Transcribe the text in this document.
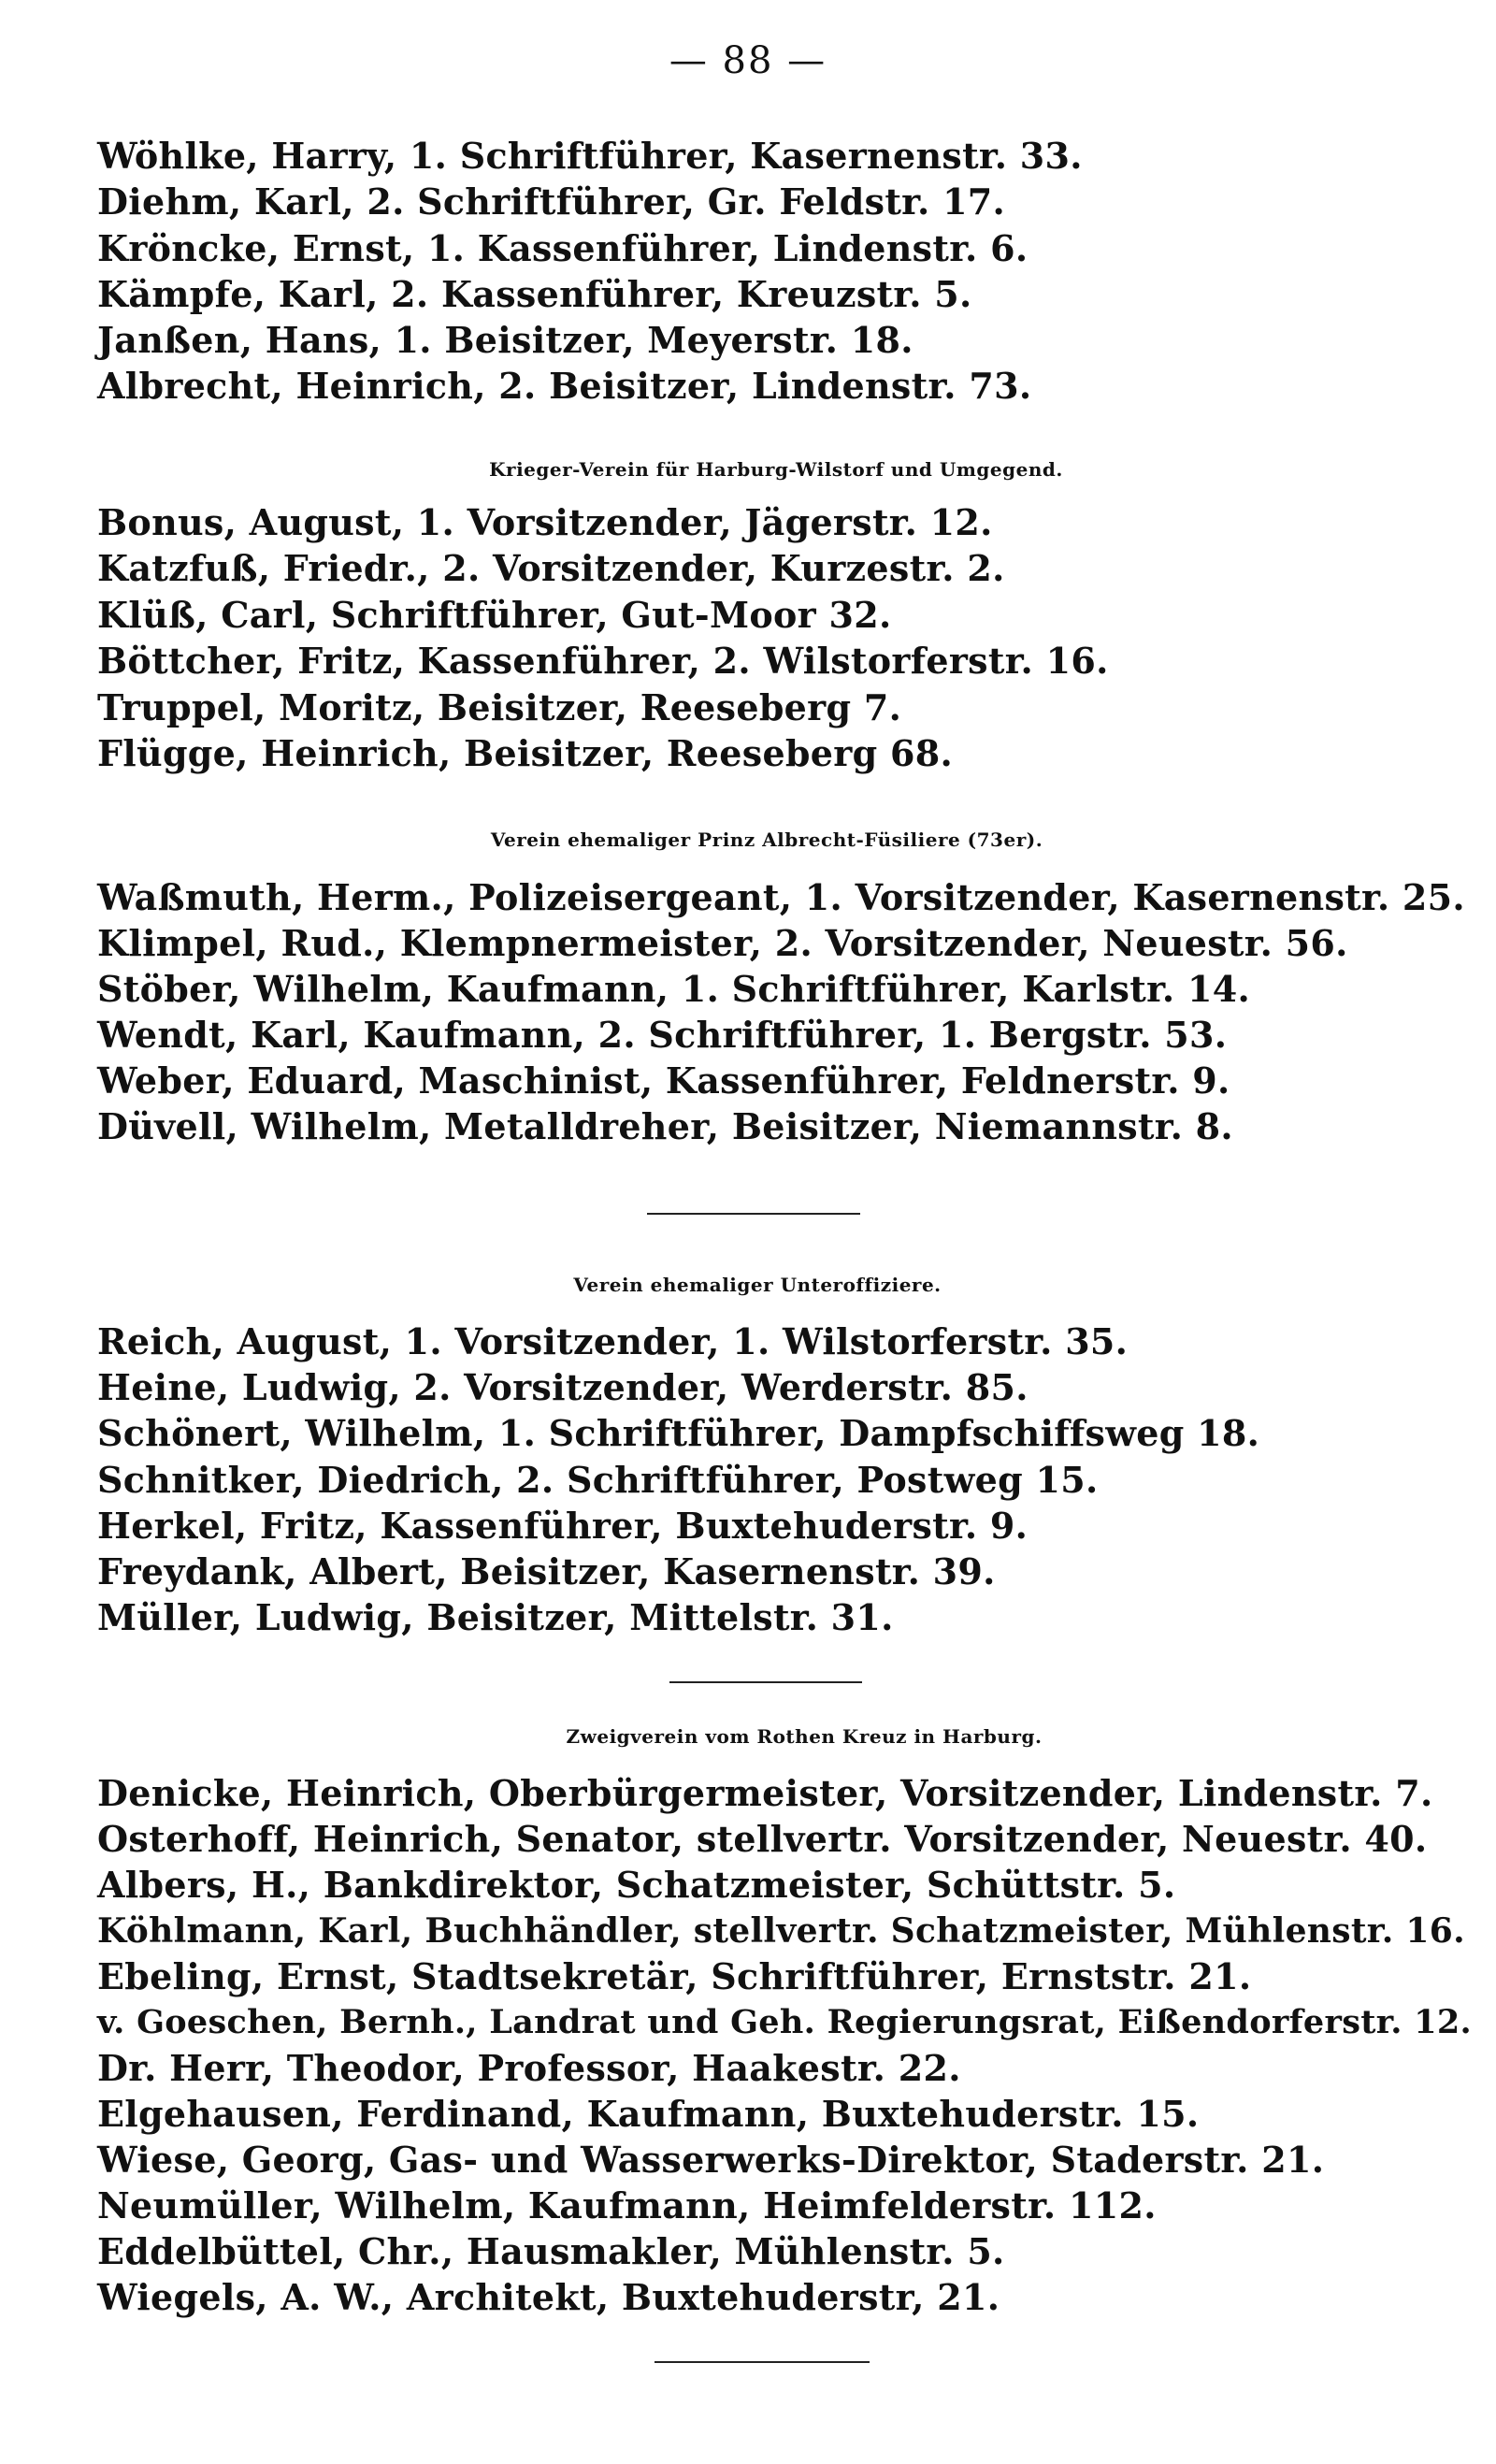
— 88 —
Wöhlke, Harry, 1. Schriftführer, Kasernenstr. 33.
Diehm, Karl, 2. Schriftführer, Gr. Feldstr. 17.
Kröncke, Ernst, 1. Kassenführer, Lindenstr. 6.
Kämpfe, Karl, 2. Kassenführer, Kreuzstr. 5.
Janßen, Hans, 1. Beisitzer, Meyerstr. 18.
Albrecht, Heinrich, 2. Beisitzer, Lindenstr. 73.
Krieger-Verein für Harburg-Wilstorf und Umgegend.
Bonus, August, 1. Vorsitzender, Jägerstr. 12.
Katzfuß, Friedr., 2. Vorsitzender, Kurzestr. 2.
Klüß, Carl, Schriftführer, Gut-Moor 32.
Böttcher, Fritz, Kassenführer, 2. Wilstorferstr. 16.
Truppel, Moritz, Beisitzer, Reeseberg 7.
Flügge, Heinrich, Beisitzer, Reeseberg 68.
Verein ehemaliger Prinz Albrecht-Füsiliere (73er).
Waßmuth, Herm., Polizeisergeant, 1. Vorsitzender, Kasernenstr. 25.
Klimpel, Rud., Klempnermeister, 2. Vorsitzender, Neuestr. 56.
Stöber, Wilhelm, Kaufmann, 1. Schriftführer, Karlstr. 14.
Wendt, Karl, Kaufmann, 2. Schriftführer, 1. Bergstr. 53.
Weber, Eduard, Maschinist, Kassenführer, Feldnerstr. 9.
Düvell, Wilhelm, Metalldreher, Beisitzer, Niemannstr. 8.
Verein ehemaliger Unteroffiziere.
Reich, August, 1. Vorsitzender, 1. Wilstorferstr. 35.
Heine, Ludwig, 2. Vorsitzender, Werderstr. 85.
Schönert, Wilhelm, 1. Schriftführer, Dampfschiffsweg 18.
Schnitker, Diedrich, 2. Schriftführer, Postweg 15.
Herkel, Fritz, Kassenführer, Buxtehuderstr. 9.
Freydank, Albert, Beisitzer, Kasernenstr. 39.
Müller, Ludwig, Beisitzer, Mittelstr. 31.
Zweigverein vom Rothen Kreuz in Harburg.
Denicke, Heinrich, Oberbürgermeister, Vorsitzender, Lindenstr. 7.
Osterhoff, Heinrich, Senator, stellvertr. Vorsitzender, Neuestr. 40.
Albers, H., Bankdirektor, Schatzmeister, Schüttstr. 5.
Köhlmann, Karl, Buchhändler, stellvertr. Schatzmeister, Mühlenstr. 16.
Ebeling, Ernst, Stadtsekretär, Schriftführer, Ernststr. 21.
v. Goeschen, Bernh., Landrat und Geh. Regierungsrat, Eißendorferstr. 12.
Dr. Herr, Theodor, Professor, Haakestr. 22.
Elgehausen, Ferdinand, Kaufmann, Buxtehuderstr. 15.
Wiese, Georg, Gas- und Wasserwerks-Direktor, Staderstr. 21.
Neumüller, Wilhelm, Kaufmann, Heimfelderstr. 112.
Eddelbüttel, Chr., Hausmakler, Mühlenstr. 5.
Wiegels, A. W., Architekt, Buxtehuderstr, 21.
